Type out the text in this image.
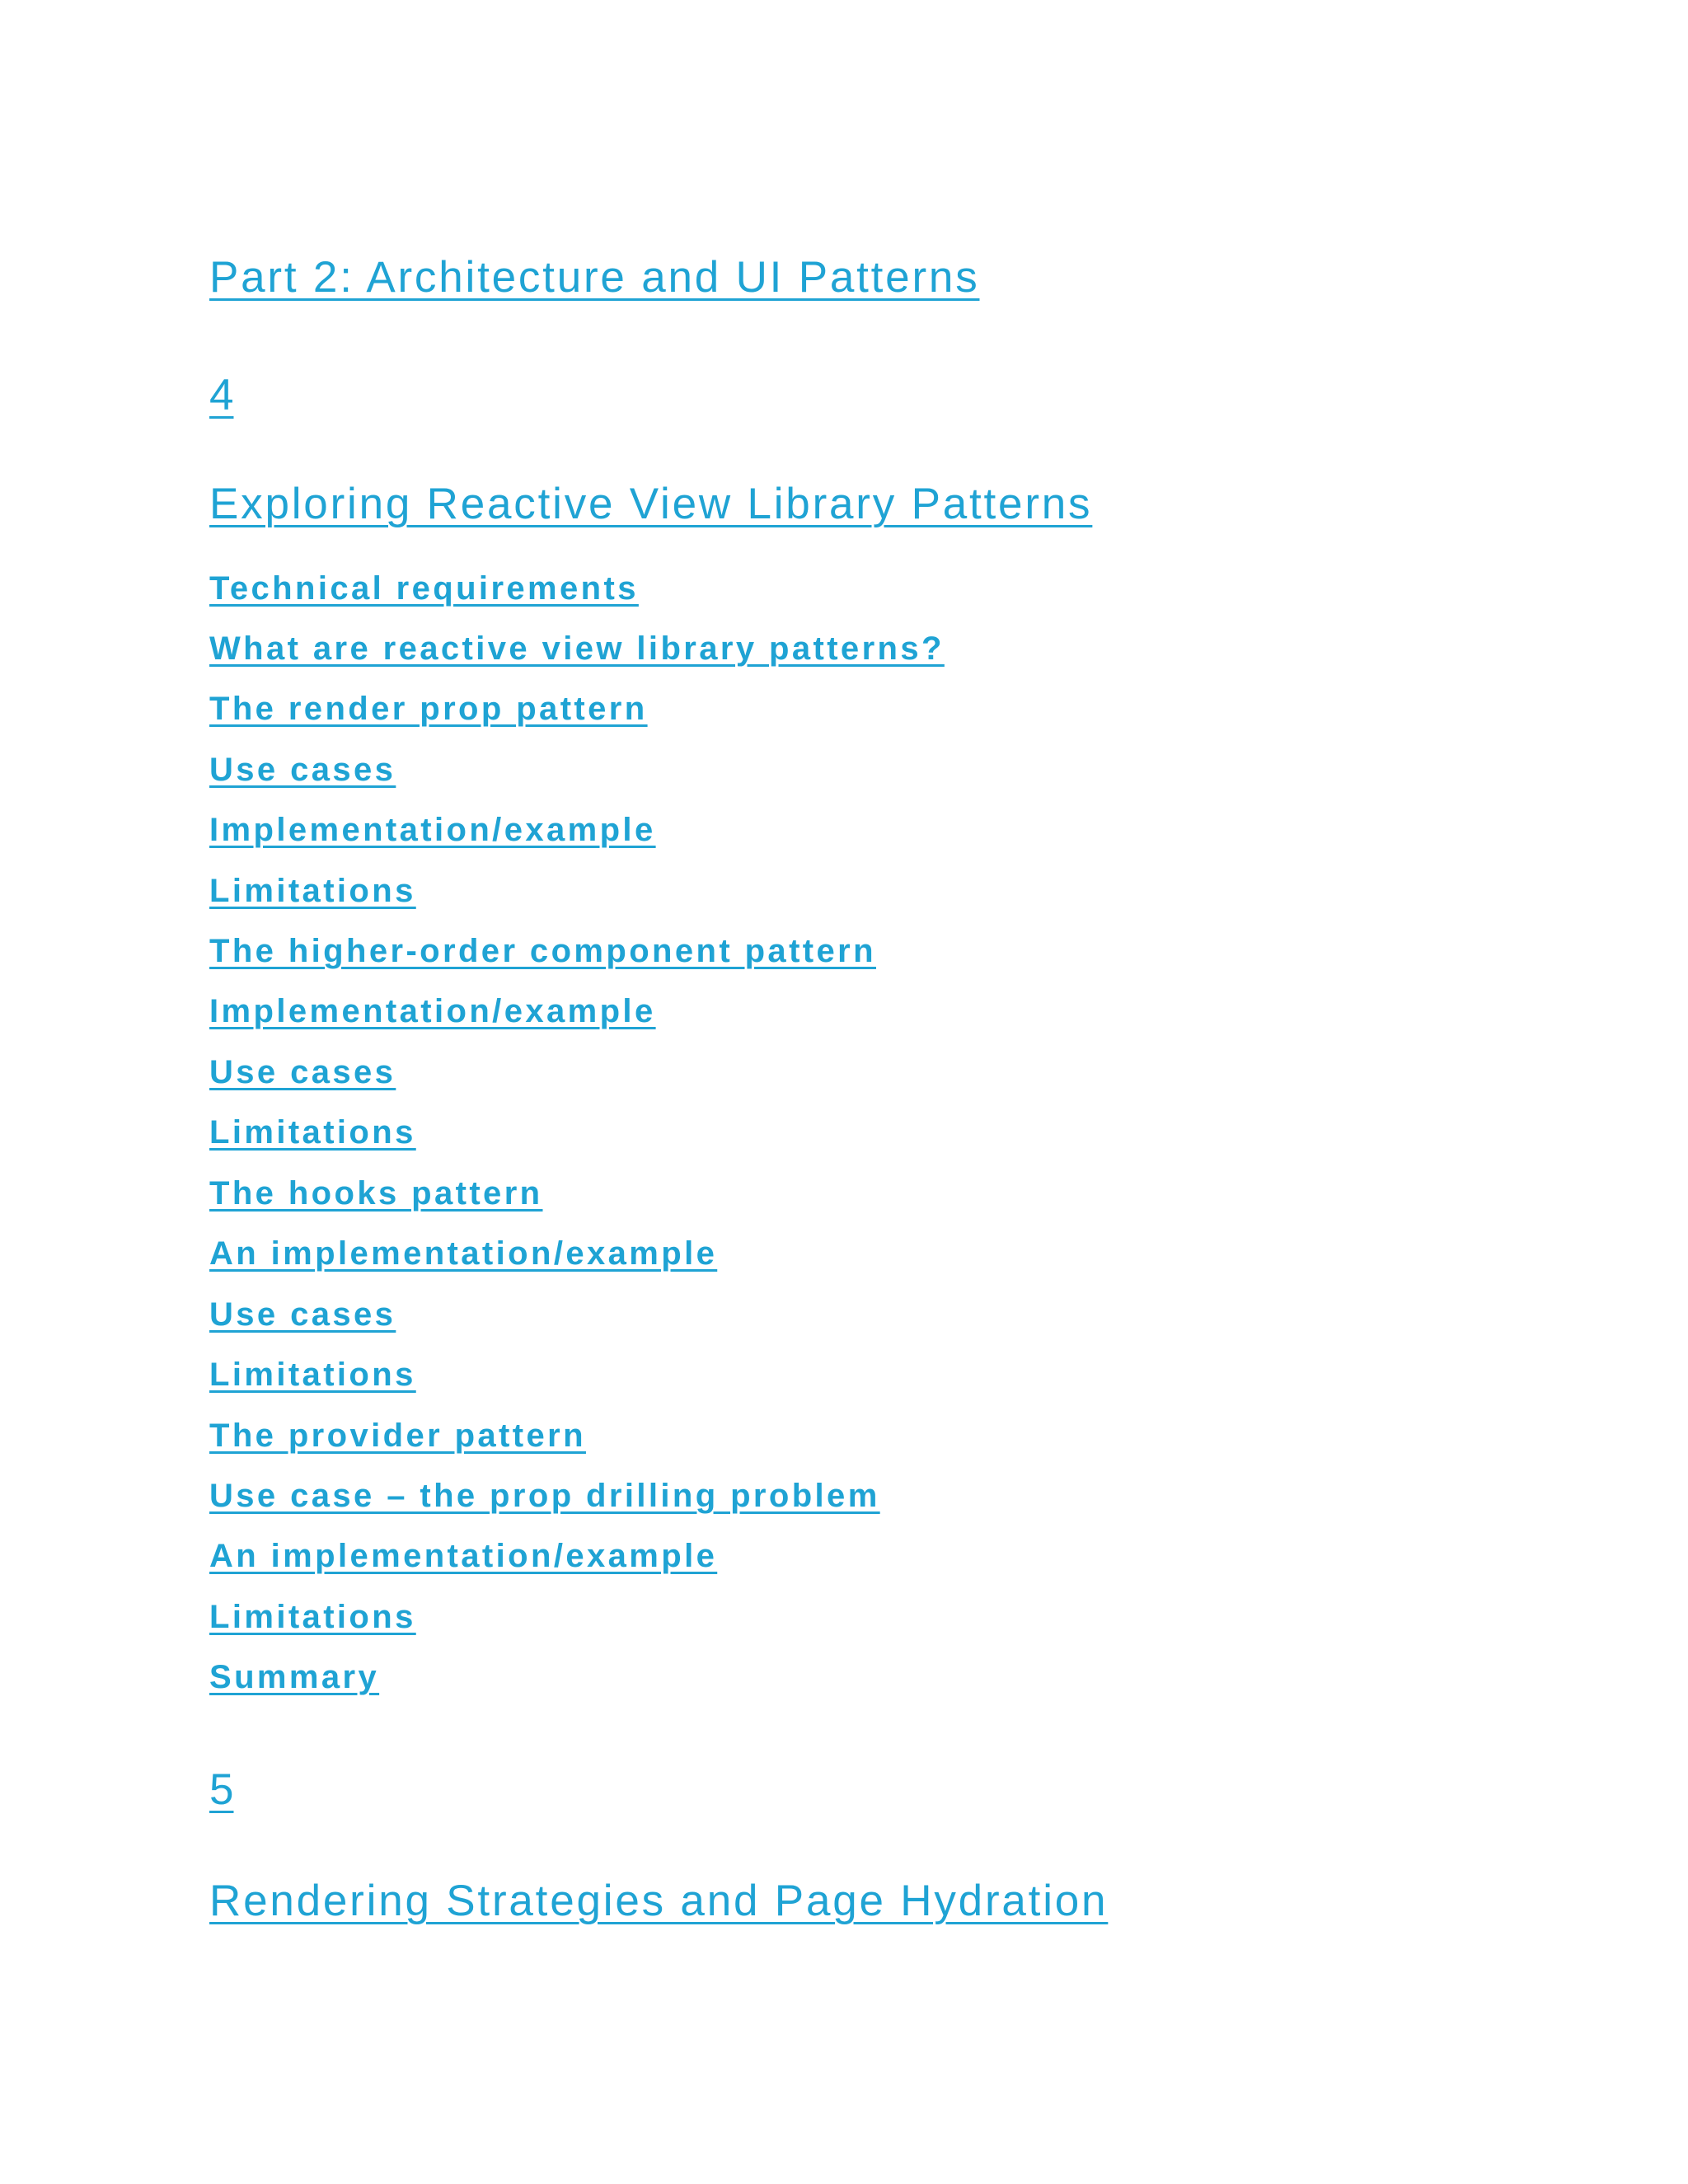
Part 2: Architecture and UI Patterns
4
Exploring Reactive View Library Patterns
Technical requirements
What are reactive view library patterns?
The render prop pattern
Use cases
Implementation/example
Limitations
The higher-order component pattern
Implementation/example
Use cases
Limitations
The hooks pattern
An implementation/example
Use cases
Limitations
The provider pattern
Use case – the prop drilling problem
An implementation/example
Limitations
Summary
5
Rendering Strategies and Page Hydration
